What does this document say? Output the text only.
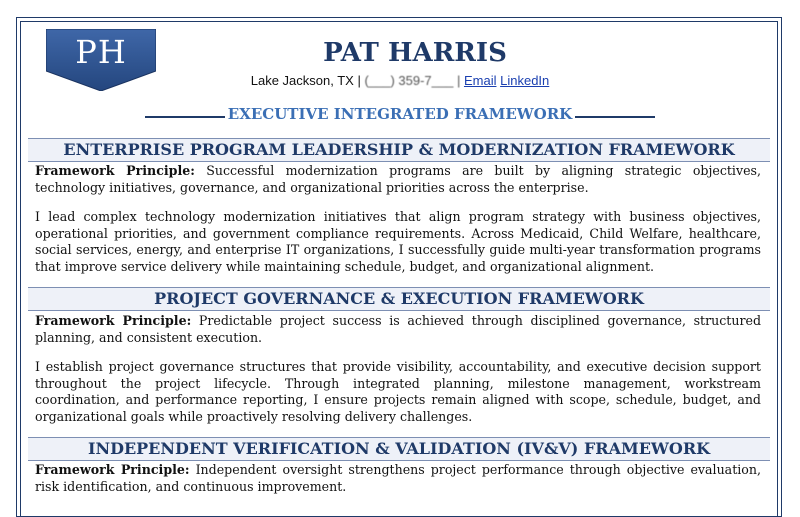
PH	PAT HARRIS
Lake Jackson, TX | (___) 359-7___ | Email LinkedIn
EXECUTIVE INTEGRATED FRAMEWORK
ENTERPRISE PROGRAM LEADERSHIP & MODERNIZATION FRAMEWORK
Framework Principle: Successful modernization programs are built by aligning strategic objectives, technology initiatives, governance, and organizational priorities across the enterprise.
I lead complex technology modernization initiatives that align program strategy with business objectives, operational priorities, and government compliance requirements. Across Medicaid, Child Welfare, healthcare, social services, energy, and enterprise IT organizations, I successfully guide multi-year transformation programs that improve service delivery while maintaining schedule, budget, and organizational alignment.
PROJECT GOVERNANCE & EXECUTION FRAMEWORK
Framework Principle: Predictable project success is achieved through disciplined governance, structured planning, and consistent execution.
I establish project governance structures that provide visibility, accountability, and executive decision support throughout the project lifecycle. Through integrated planning, milestone management, workstream coordination, and performance reporting, I ensure projects remain aligned with scope, schedule, budget, and organizational goals while proactively resolving delivery challenges.
INDEPENDENT VERIFICATION & VALIDATION (IV&V) FRAMEWORK
Framework Principle: Independent oversight strengthens project performance through objective evaluation, risk identification, and continuous improvement.
